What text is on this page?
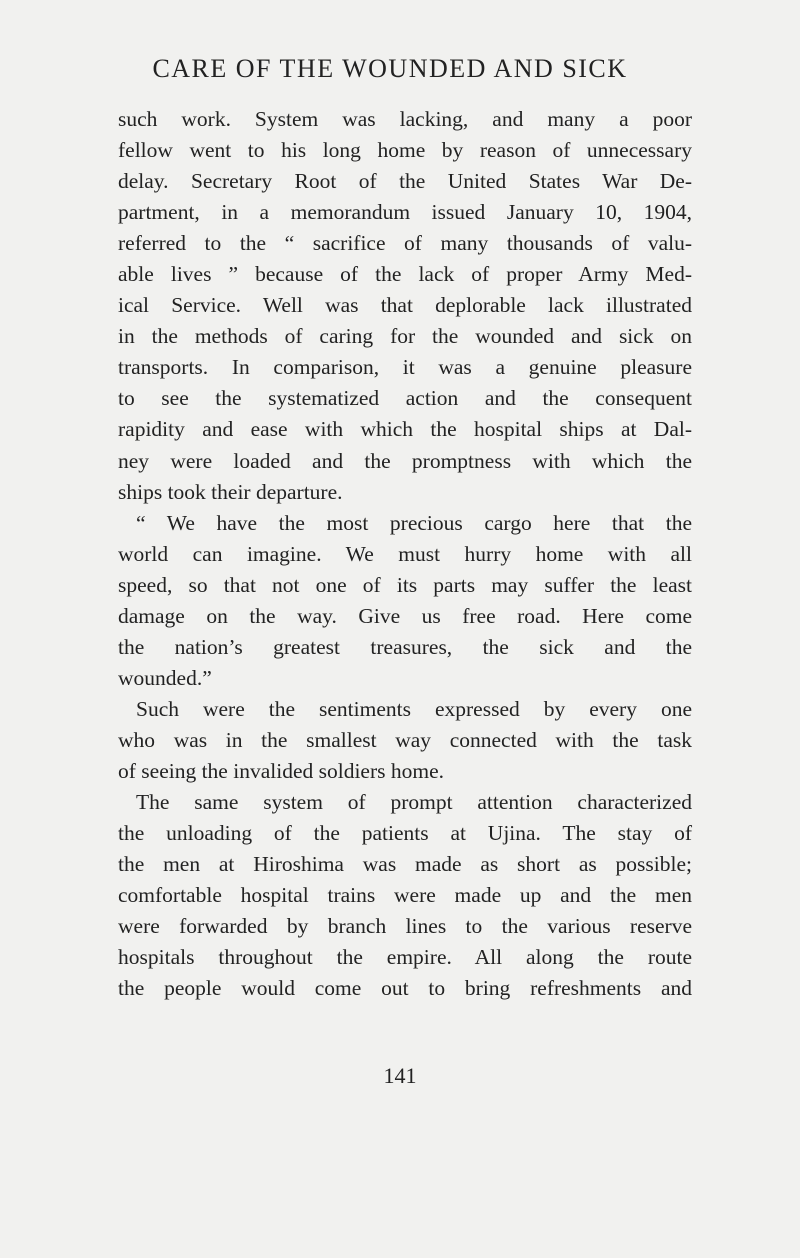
CARE OF THE WOUNDED AND SICK
such work. System was lacking, and many a poor
fellow went to his long home by reason of unnecessary
delay. Secretary Root of the United States War De-
partment, in a memorandum issued January 10, 1904,
referred to the “ sacrifice of many thousands of valu-
able lives ” because of the lack of proper Army Med-
ical Service. Well was that deplorable lack illustrated
in the methods of caring for the wounded and sick on
transports. In comparison, it was a genuine pleasure
to see the systematized action and the consequent
rapidity and ease with which the hospital ships at Dal-
ney were loaded and the promptness with which the
ships took their departure.
“ We have the most precious cargo here that the
world can imagine. We must hurry home with all
speed, so that not one of its parts may suffer the least
damage on the way. Give us free road. Here come
the nation’s greatest treasures, the sick and the
wounded.”
Such were the sentiments expressed by every one
who was in the smallest way connected with the task
of seeing the invalided soldiers home.
The same system of prompt attention characterized
the unloading of the patients at Ujina. The stay of
the men at Hiroshima was made as short as possible;
comfortable hospital trains were made up and the men
were forwarded by branch lines to the various reserve
hospitals throughout the empire. All along the route
the people would come out to bring refreshments and
141
